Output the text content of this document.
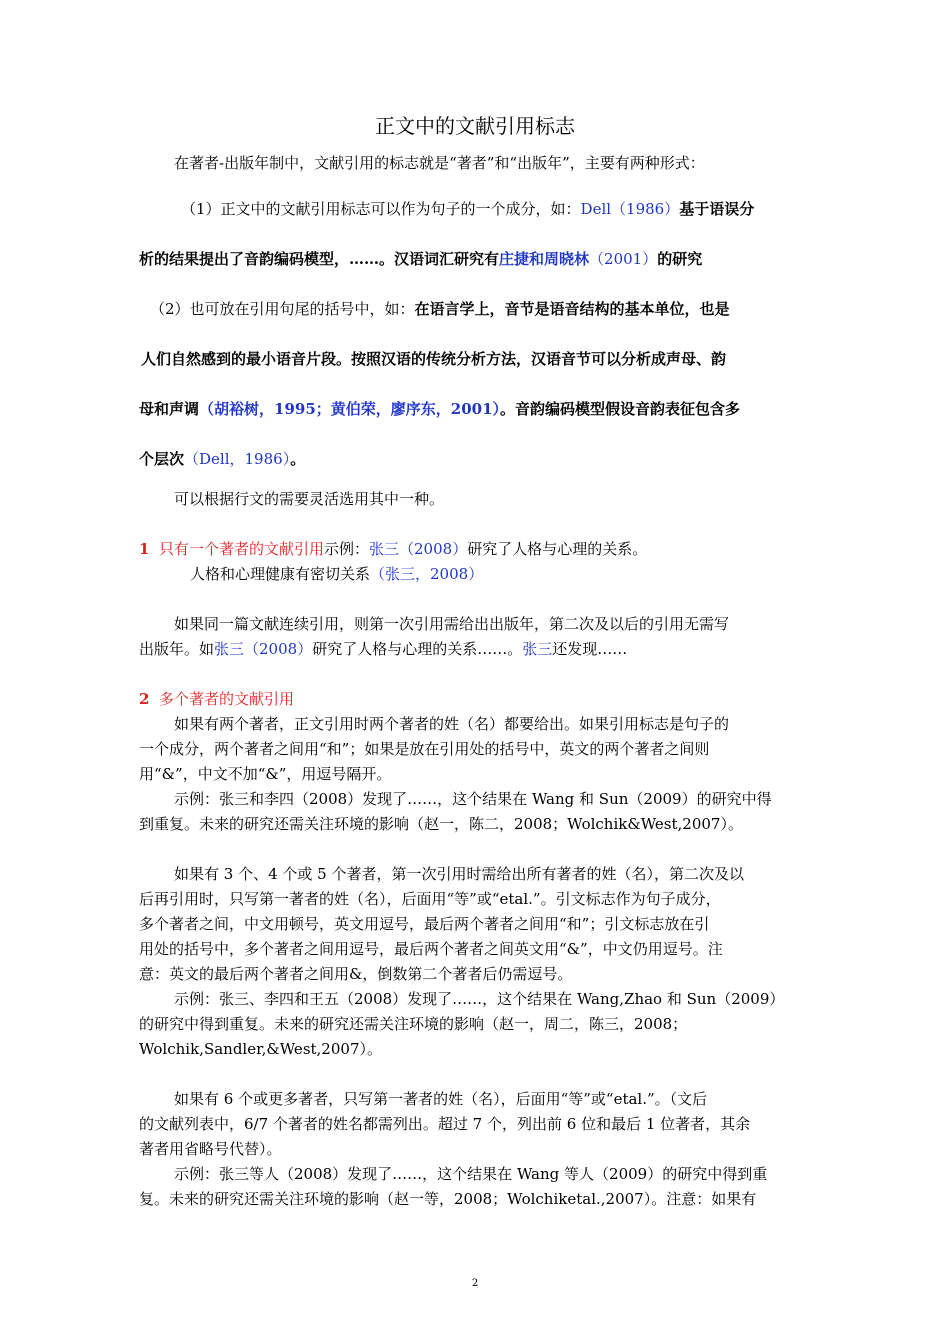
正文中的文献引用标志
在著者-出版年制中，文献引用的标志就是“著者”和“出版年”，主要有两种形式：
（1）正文中的文献引用标志可以作为句子的一个成分，如：Dell（1986）基于语误分
析的结果提出了音韵编码模型，……。汉语词汇研究有庄捷和周晓林（2001）的研究
（2）也可放在引用句尾的括号中，如：在语言学上，音节是语音结构的基本单位，也是
人们自然感到的最小语音片段。按照汉语的传统分析方法，汉语音节可以分析成声母、韵
母和声调（胡裕树，1995；黄伯荣，廖序东，2001）。音韵编码模型假设音韵表征包含多
个层次（Dell，1986）。
可以根据行文的需要灵活选用其中一种。
1 只有一个著者的文献引用示例：张三（2008）研究了人格与心理的关系。
人格和心理健康有密切关系（张三，2008）
如果同一篇文献连续引用，则第一次引用需给出出版年，第二次及以后的引用无需写
出版年。如张三（2008）研究了人格与心理的关系……。张三还发现……
2 多个著者的文献引用
如果有两个著者，正文引用时两个著者的姓（名）都要给出。如果引用标志是句子的
一个成分，两个著者之间用“和”；如果是放在引用处的括号中，英文的两个著者之间则
用“&”，中文不加“&”，用逗号隔开。
示例：张三和李四（2008）发现了……，这个结果在 Wang 和 Sun（2009）的研究中得
到重复。未来的研究还需关注环境的影响（赵一，陈二，2008；Wolchik&West,2007）。
如果有 3 个、4 个或 5 个著者，第一次引用时需给出所有著者的姓（名），第二次及以
后再引用时，只写第一著者的姓（名），后面用“等”或“etal.”。引文标志作为句子成分，
多个著者之间，中文用顿号，英文用逗号，最后两个著者之间用“和”；引文标志放在引
用处的括号中，多个著者之间用逗号，最后两个著者之间英文用“&”，中文仍用逗号。注
意：英文的最后两个著者之间用&，倒数第二个著者后仍需逗号。
示例：张三、李四和王五（2008）发现了……，这个结果在 Wang,Zhao 和 Sun（2009）
的研究中得到重复。未来的研究还需关注环境的影响（赵一，周二，陈三，2008；
Wolchik,Sandler,&West,2007）。
如果有 6 个或更多著者，只写第一著者的姓（名），后面用“等”或“etal.”。（文后
的文献列表中，6/7 个著者的姓名都需列出。超过 7 个，列出前 6 位和最后 1 位著者，其余
著者用省略号代替）。
示例：张三等人（2008）发现了……，这个结果在 Wang 等人（2009）的研究中得到重
复。未来的研究还需关注环境的影响（赵一等，2008；Wolchiketal.,2007）。注意：如果有
2
